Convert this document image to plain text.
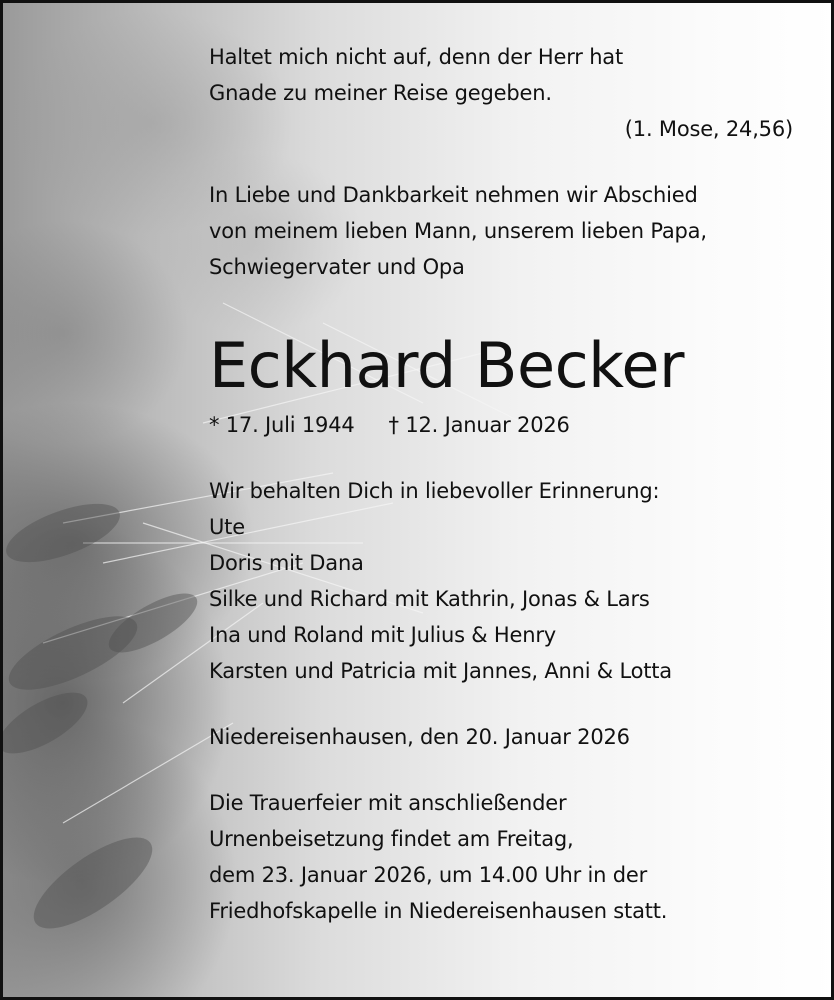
Haltet mich nicht auf, denn der Herr hat
Gnade zu meiner Reise gegeben.
(1. Mose, 24,56)
In Liebe und Dankbarkeit nehmen wir Abschied
von meinem lieben Mann, unserem lieben Papa,
Schwiegervater und Opa
Eckhard Becker
* 17. Juli 1944 † 12. Januar 2026
Wir behalten Dich in liebevoller Erinnerung:
Ute
Doris mit Dana
Silke und Richard mit Kathrin, Jonas & Lars
Ina und Roland mit Julius & Henry
Karsten und Patricia mit Jannes, Anni & Lotta
Niedereisenhausen, den 20. Januar 2026
Die Trauerfeier mit anschließender
Urnenbeisetzung findet am Freitag,
dem 23. Januar 2026, um 14.00 Uhr in der
Friedhofskapelle in Niedereisenhausen statt.
